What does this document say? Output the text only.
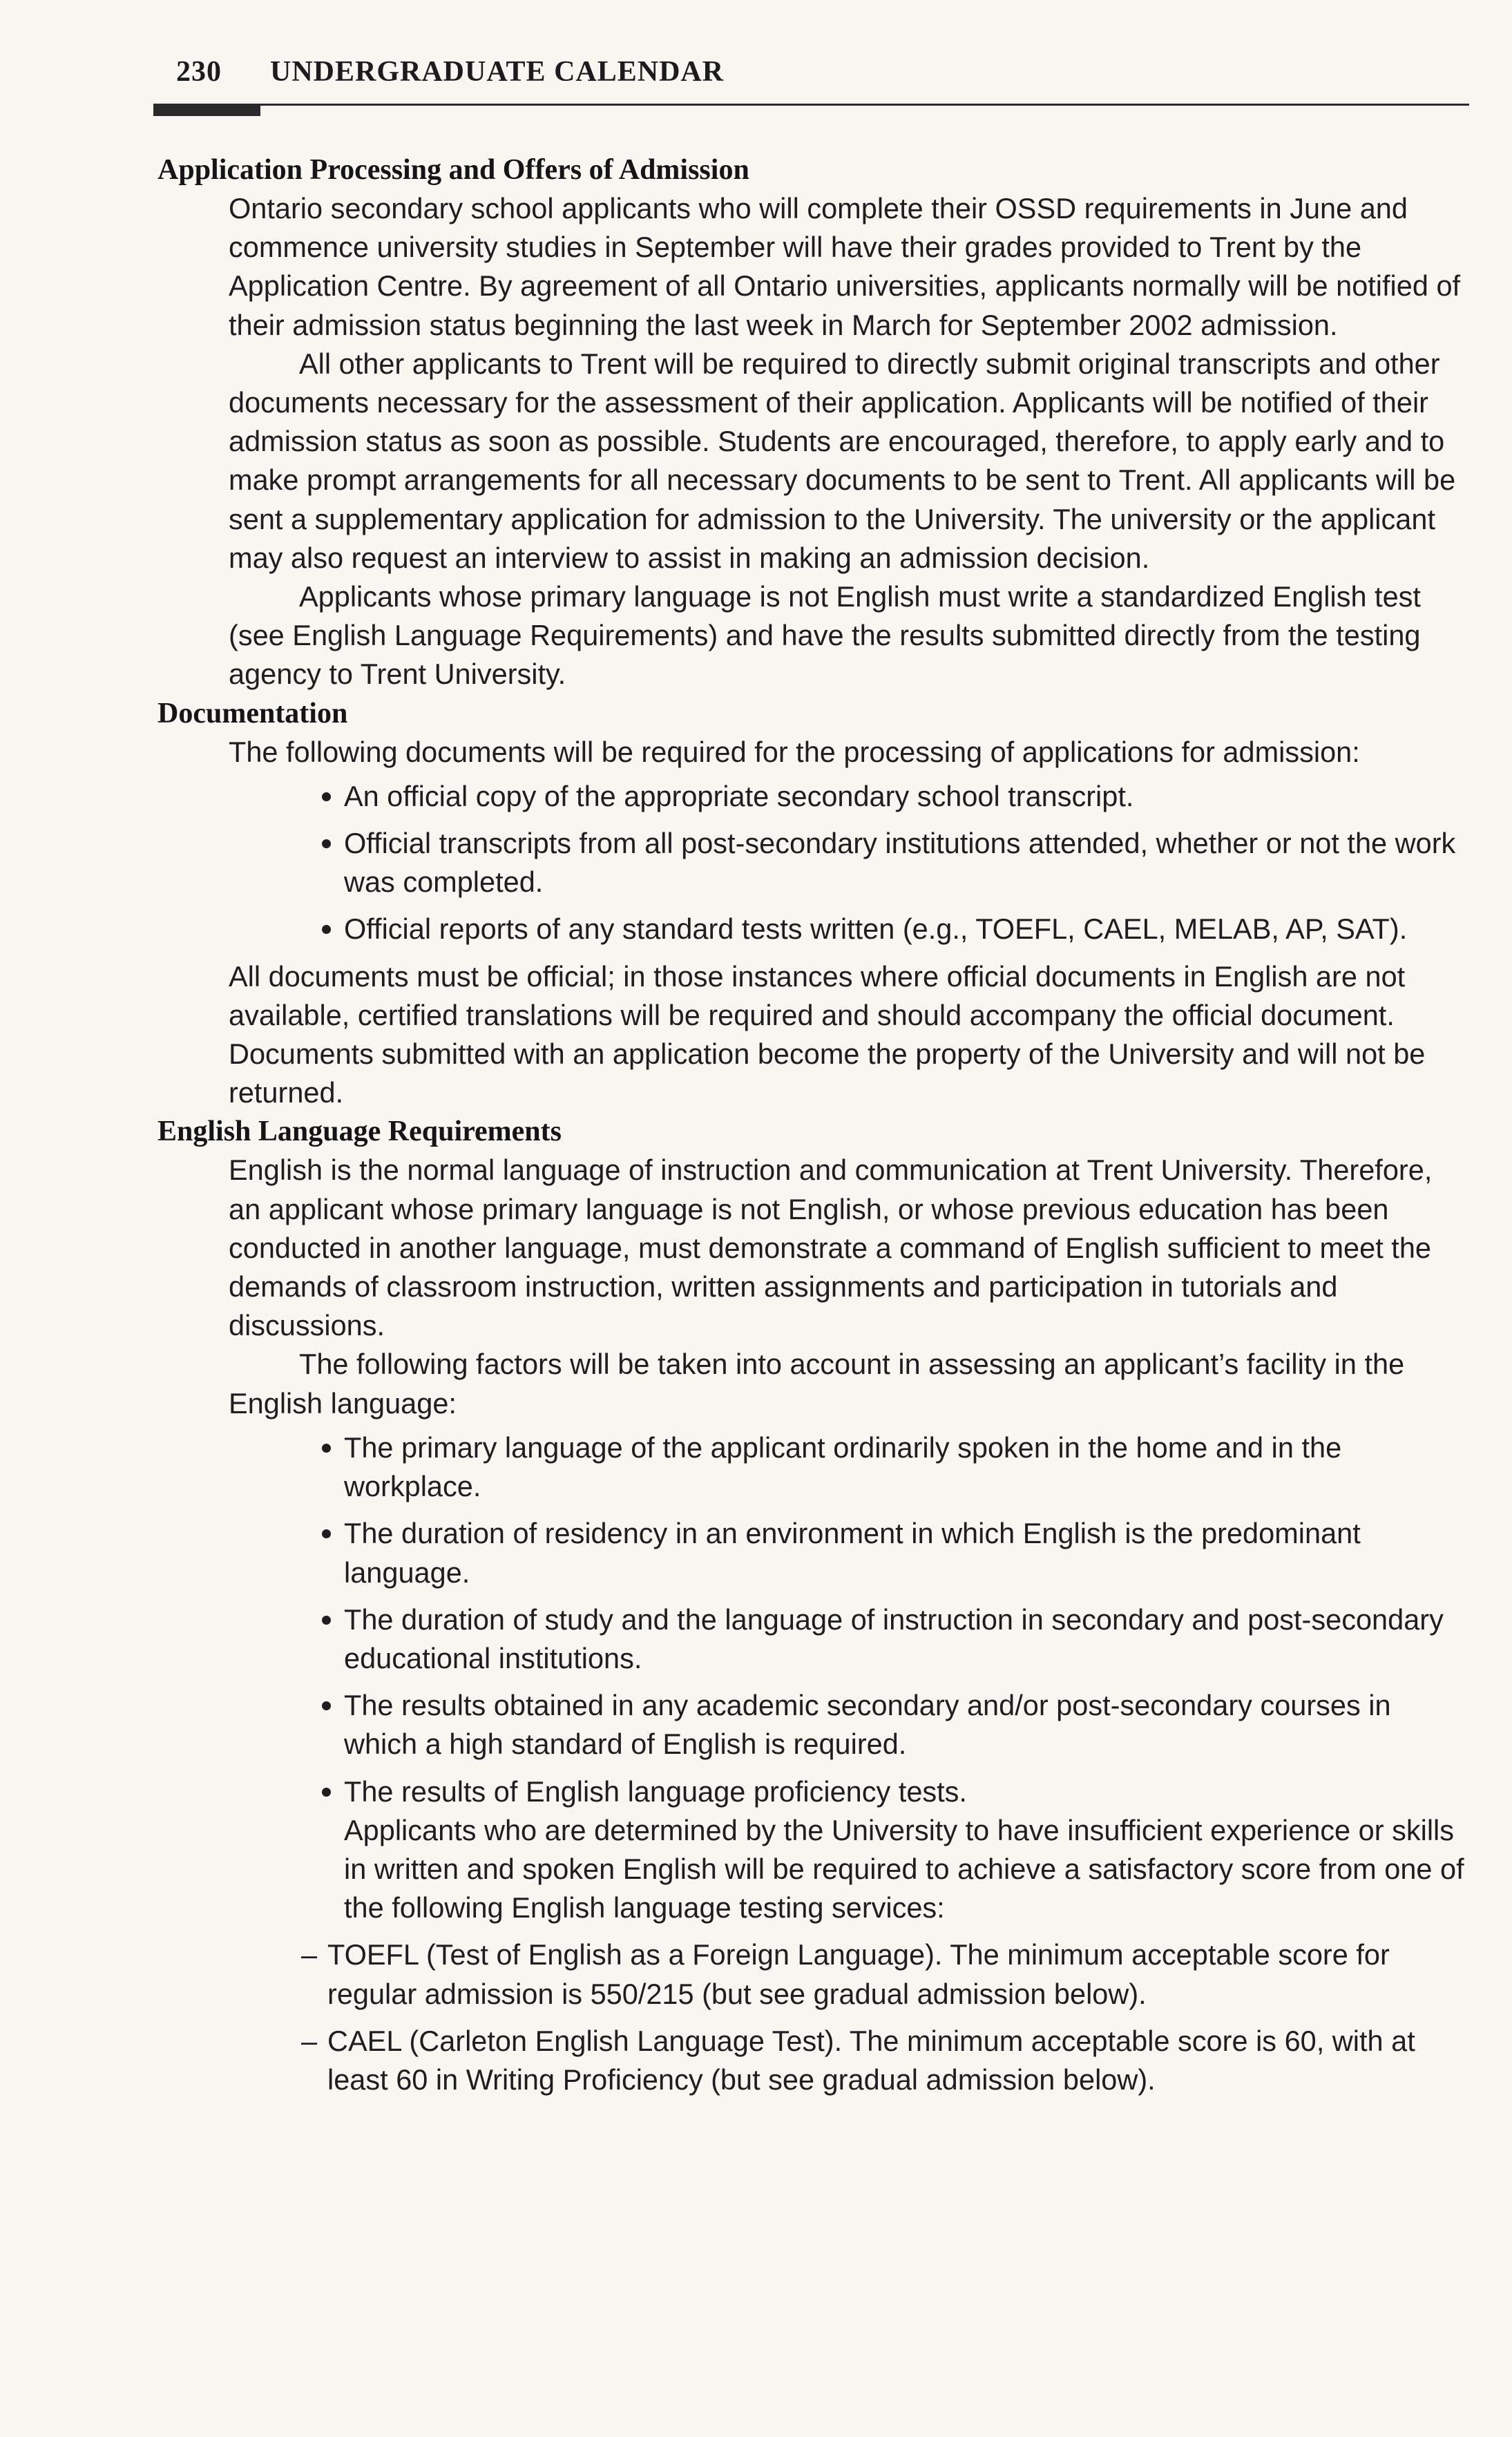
230 UNDERGRADUATE CALENDAR
Application Processing and Offers of Admission

Ontario secondary school applicants who will complete their OSSD requirements in June and commence university studies in September will have their grades provided to Trent by the Application Centre. By agreement of all Ontario universities, applicants normally will be notified of their admission status beginning the last week in March for September 2002 admission.

All other applicants to Trent will be required to directly submit original transcripts and other documents necessary for the assessment of their application. Applicants will be notified of their admission status as soon as possible. Students are encouraged, therefore, to apply early and to make prompt arrangements for all necessary documents to be sent to Trent. All applicants will be sent a supplementary application for admission to the University. The university or the applicant may also request an interview to assist in making an admission decision.

Applicants whose primary language is not English must write a standardized English test (see English Language Requirements) and have the results submitted directly from the testing agency to Trent University.

Documentation

The following documents will be required for the processing of applications for admission:

An official copy of the appropriate secondary school transcript.
Official transcripts from all post-secondary institutions attended, whether or not the work was completed.
Official reports of any standard tests written (e.g., TOEFL, CAEL, MELAB, AP, SAT).

All documents must be official; in those instances where official documents in English are not available, certified translations will be required and should accompany the official document. Documents submitted with an application become the property of the University and will not be returned.

English Language Requirements

English is the normal language of instruction and communication at Trent University. Therefore, an applicant whose primary language is not English, or whose previous education has been conducted in another language, must demonstrate a command of English sufficient to meet the demands of classroom instruction, written assignments and participation in tutorials and discussions.

The following factors will be taken into account in assessing an applicant’s facility in the English language:

The primary language of the applicant ordinarily spoken in the home and in the workplace.
The duration of residency in an environment in which English is the predominant language.
The duration of study and the language of instruction in secondary and post-secondary educational institutions.
The results obtained in any academic secondary and/or post-secondary courses in which a high standard of English is required.
The results of English language proficiency tests.
Applicants who are determined by the University to have insufficient experience or skills in written and spoken English will be required to achieve a satisfactory score from one of the following English language testing services:
– TOEFL (Test of English as a Foreign Language). The minimum acceptable score for regular admission is 550/215 (but see gradual admission below).
– CAEL (Carleton English Language Test). The minimum acceptable score is 60, with at least 60 in Writing Proficiency (but see gradual admission below).
